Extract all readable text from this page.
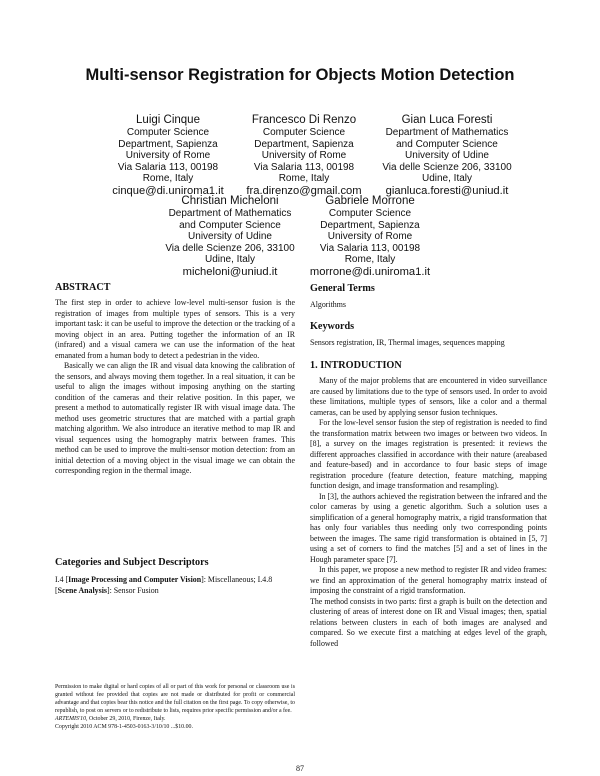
Multi-sensor Registration for Objects Motion Detection
Luigi Cinque
Computer Science
Department, Sapienza
University of Rome
Via Salaria 113, 00198
Rome, Italy
cinque@di.uniroma1.it
Francesco Di Renzo
Computer Science
Department, Sapienza
University of Rome
Via Salaria 113, 00198
Rome, Italy
fra.direnzo@gmail.com
Gian Luca Foresti
Department of Mathematics
and Computer Science
University of Udine
Via delle Scienze 206, 33100
Udine, Italy
gianluca.foresti@uniud.it
Christian Micheloni
Department of Mathematics
and Computer Science
University of Udine
Via delle Scienze 206, 33100
Udine, Italy
micheloni@uniud.it
Gabriele Morrone
Computer Science
Department, Sapienza
University of Rome
Via Salaria 113, 00198
Rome, Italy
morrone@di.uniroma1.it
ABSTRACT

The first step in order to achieve low-level multi-sensor fusion is the registration of images from multiple types of sensors. This is a very important task: it can be useful to improve the detection or the tracking of a moving object in an area. Putting together the information of an IR (infrared) and a visual camera we can use the information of the heat emanated from a human body to detect a pedestrian in the video.

Basically we can align the IR and visual data knowing the calibration of the sensors, and always moving them together. In a real situation, it can be useful to align the images without imposing anything on the starting condition of the cameras and their relative position. In this paper, we present a method to automatically register IR with visual image data. The method uses geometric structures that are matched with a partial graph matching algorithm. We also introduce an iterative method to map IR and visual sequences using the homography matrix between frames. This method can be used to improve the multi-sensor motion detection: from an initial detection of a moving object in the visual image we can obtain the corresponding region in the thermal image.

Categories and Subject Descriptors

I.4 [Image Processing and Computer Vision]: Miscellaneous; I.4.8 [Scene Analysis]: Sensor Fusion

Permission to make digital or hard copies of all or part of this work for personal or classroom use is granted without fee provided that copies are not made or distributed for profit or commercial advantage and that copies bear this notice and the full citation on the first page. To copy otherwise, to republish, to post on servers or to redistribute to lists, requires prior specific permission and/or a fee.
ARTEMIS'10, October 29, 2010, Firenze, Italy.
Copyright 2010 ACM 978-1-4503-0163-3/10/10 ...$10.00.
General Terms

Algorithms

Keywords

Sensors registration, IR, Thermal images, sequences mapping

1. INTRODUCTION

Many of the major problems that are encountered in video surveillance are caused by limitations due to the type of sensors used. In order to avoid these limitations, multiple types of sensors, like a color and a thermal cameras, can be used by applying sensor fusion techniques.

For the low-level sensor fusion the step of registration is needed to find the transformation matrix between two images or between two videos. In [8], a survey on the images registration is presented: it reviews the different approaches classified in accordance with their nature (areabased and feature-based) and in accordance to four basic steps of image registration procedure (feature detection, feature matching, mapping function design, and image transformation and resampling).

In [3], the authors achieved the registration between the infrared and the color cameras by using a genetic algorithm. Such a solution uses a simplification of a general homography matrix, a rigid transformation that has only four variables thus needing only two corresponding points between the images. The same rigid transformation is obtained in [5, 7] using a set of corners to find the matches [5] and a set of lines in the Hough parameter space [7].

In this paper, we propose a new method to register IR and video frames: we find an approximation of the general homography matrix instead of imposing the constraint of a rigid transformation.

The method consists in two parts: first a graph is built on the detection and clustering of areas of interest done on IR and Visual images; then, spatial relations between clusters in each of both images are analysed and compared. So we execute first a matching at edges level of the graph, followed

87
